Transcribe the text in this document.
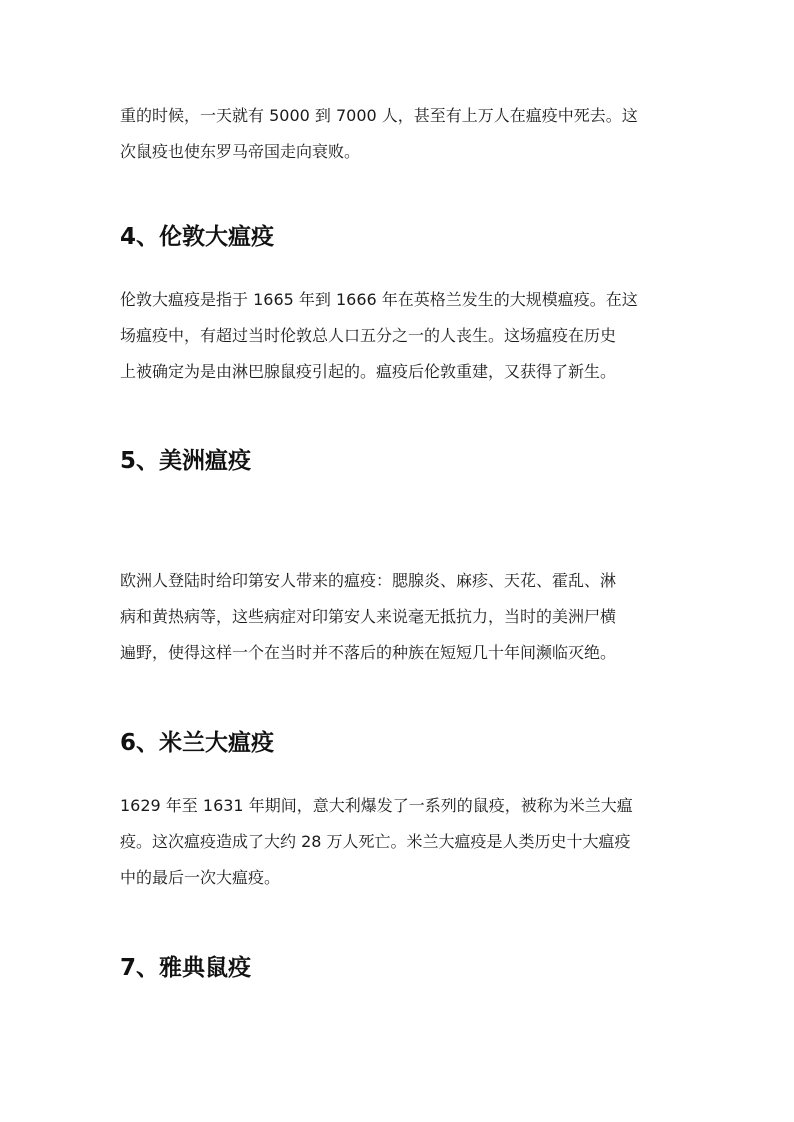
重的时候，一天就有 5000 到 7000 人，甚至有上万人在瘟疫中死去。这
次鼠疫也使东罗马帝国走向衰败。

4、伦敦大瘟疫

伦敦大瘟疫是指于 1665 年到 1666 年在英格兰发生的大规模瘟疫。在这
场瘟疫中，有超过当时伦敦总人口五分之一的人丧生。这场瘟疫在历史
上被确定为是由淋巴腺鼠疫引起的。瘟疫后伦敦重建，又获得了新生。

5、美洲瘟疫

欧洲人登陆时给印第安人带来的瘟疫：腮腺炎、麻疹、天花、霍乱、淋
病和黄热病等，这些病症对印第安人来说毫无抵抗力，当时的美洲尸横
遍野，使得这样一个在当时并不落后的种族在短短几十年间濒临灭绝。

6、米兰大瘟疫

1629 年至 1631 年期间，意大利爆发了一系列的鼠疫，被称为米兰大瘟
疫。这次瘟疫造成了大约 28 万人死亡。米兰大瘟疫是人类历史十大瘟疫
中的最后一次大瘟疫。

7、雅典鼠疫
